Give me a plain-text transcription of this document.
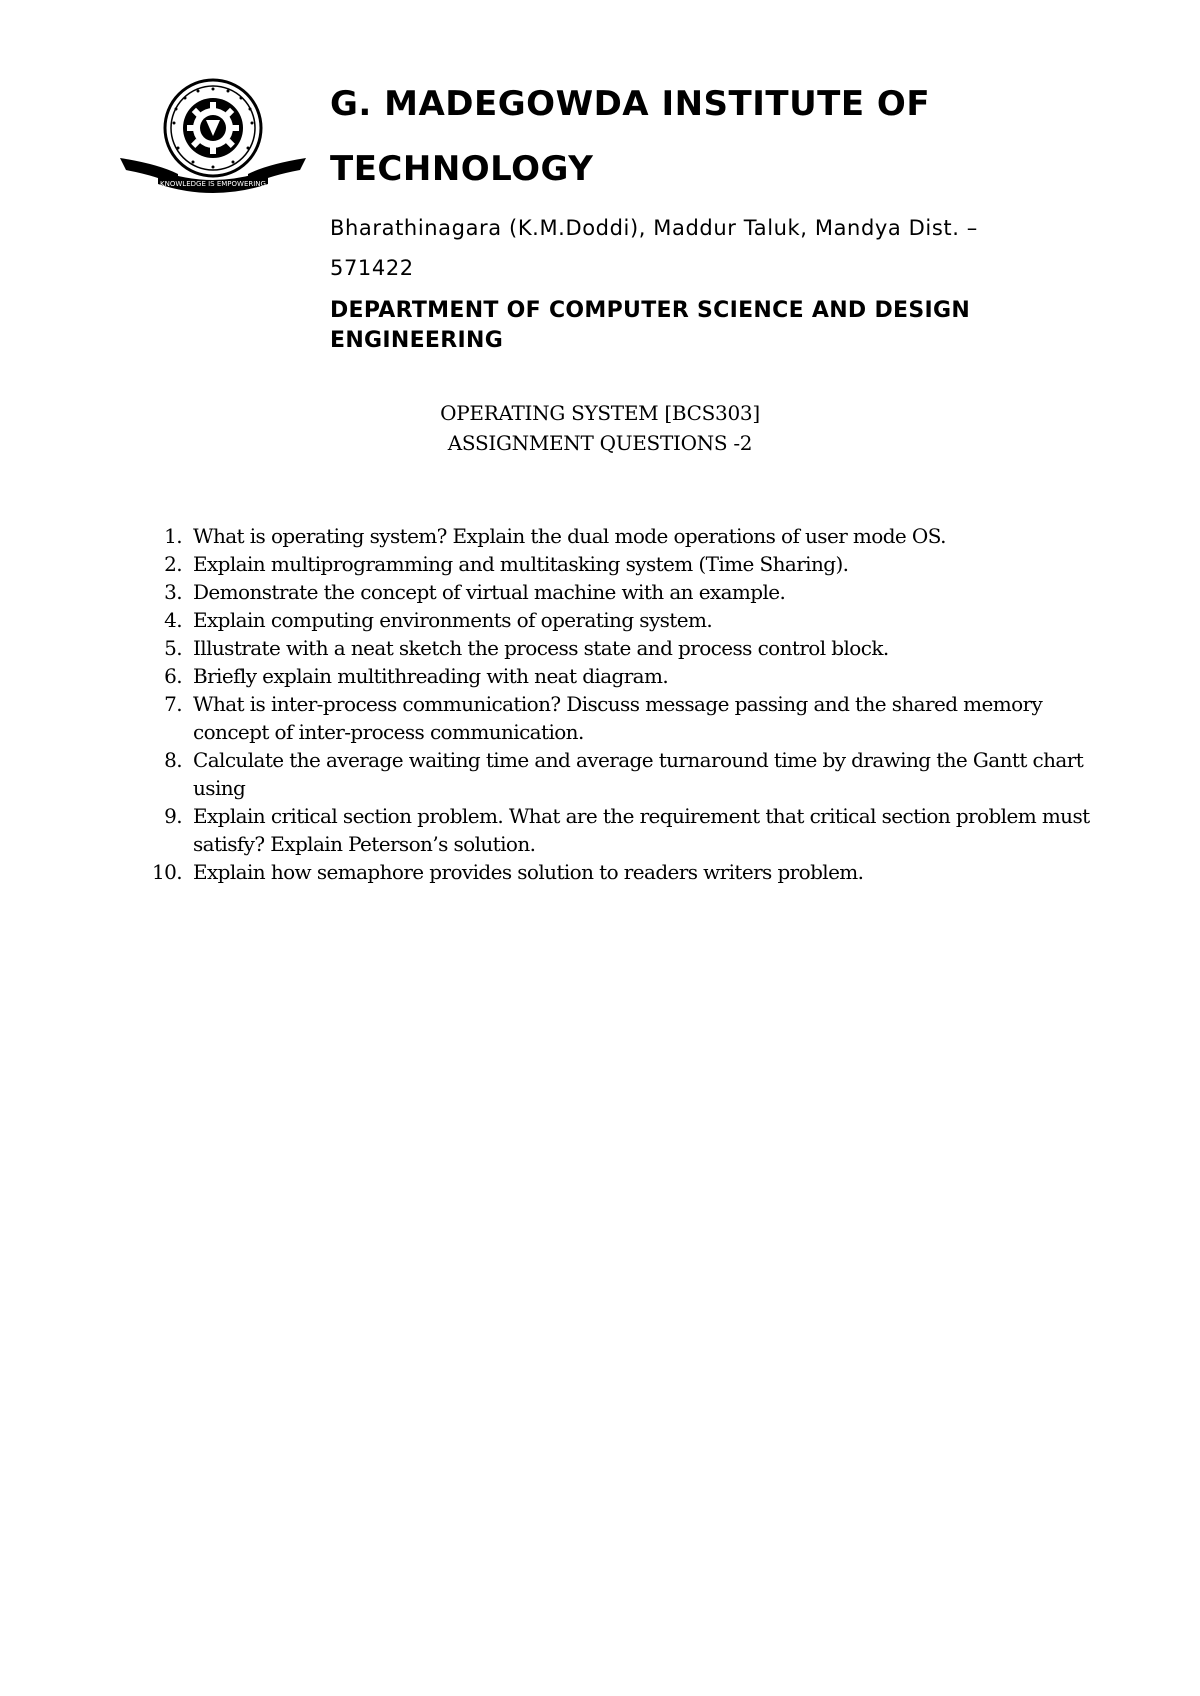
KNOWLEDGE IS EMPOWERING

G. MADEGOWDA INSTITUTE OF

TECHNOLOGY

Bharathinagara (K.M.Doddi), Maddur Taluk, Mandya Dist. –
571422

DEPARTMENT OF COMPUTER SCIENCE AND DESIGN ENGINEERING

OPERATING SYSTEM [BCS303]
ASSIGNMENT QUESTIONS -2
1. What is operating system? Explain the dual mode operations of user mode OS.
2. Explain multiprogramming and multitasking system (Time Sharing).
3. Demonstrate the concept of virtual machine with an example.
4. Explain computing environments of operating system.
5. Illustrate with a neat sketch the process state and process control block.
6. Briefly explain multithreading with neat diagram.
7. What is inter-process communication? Discuss message passing and the shared memory concept of inter-process communication.
8. Calculate the average waiting time and average turnaround time by drawing the Gantt chart using
9. Explain critical section problem. What are the requirement that critical section problem must satisfy? Explain Peterson’s solution.
10. Explain how semaphore provides solution to readers writers problem.
